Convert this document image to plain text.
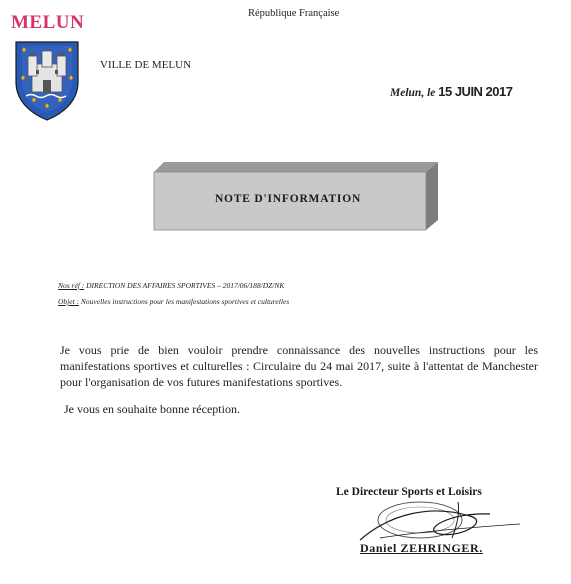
MELUN	République Française
VILLE DE MELUN
Melun, le 15 JUIN 2017
NOTE D'INFORMATION
Nos réf : DIRECTION DES AFFAIRES SPORTIVES – 2017/06/188/DZ/NK
Objet : Nouvelles instructions pour les manifestations sportives et culturelles

Je vous prie de bien vouloir prendre connaissance des nouvelles instructions pour les manifestations sportives et culturelles : Circulaire du 24 mai 2017, suite à l'attentat de Manchester pour l'organisation de vos futures manifestations sportives.

Je vous en souhaite bonne réception.
Le Directeur Sports et Loisirs
Daniel ZEHRINGER.
